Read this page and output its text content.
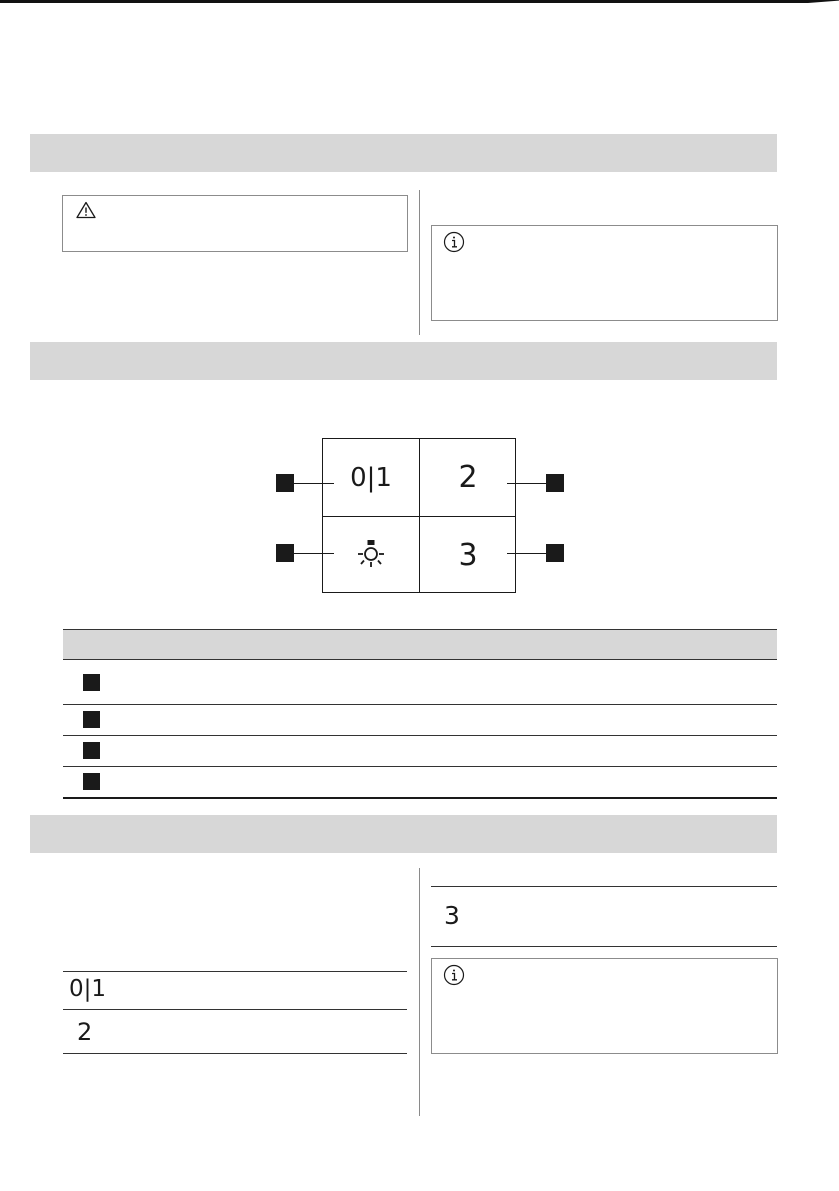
0|1	2
3
0|1
2
3
